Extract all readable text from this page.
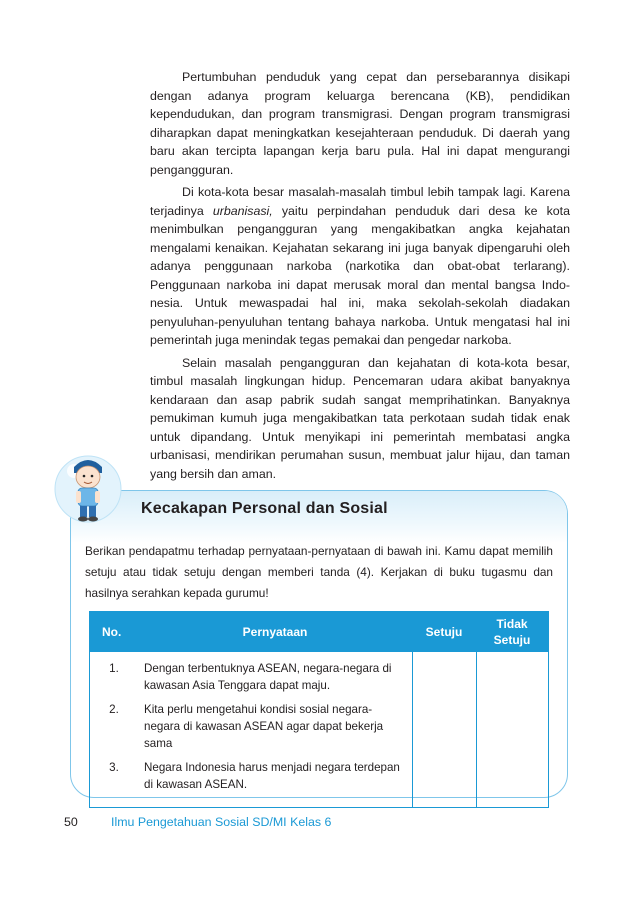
Pertumbuhan penduduk yang cepat dan persebarannya disikapi dengan adanya program keluarga berencana (KB), pendidikan kependudukan, dan program transmigrasi. Dengan program transmigrasi diharapkan dapat meningkatkan kesejahteraan penduduk. Di daerah yang baru akan tercipta lapangan kerja baru pula. Hal ini dapat mengurangi pengangguran.

Di kota-kota besar masalah-masalah timbul lebih tampak lagi. Karena terjadinya urbanisasi, yaitu perpindahan penduduk dari desa ke kota menimbulkan pengangguran yang mengakibatkan angka kejahatan mengalami kenaikan. Kejahatan sekarang ini juga banyak dipengaruhi oleh adanya penggunaan narkoba (narkotika dan obat-obat terlarang). Penggunaan narkoba ini dapat merusak moral dan mental bangsa Indo-nesia. Untuk mewaspadai hal ini, maka sekolah-sekolah diadakan penyuluhan-penyuluhan tentang bahaya narkoba. Untuk mengatasi hal ini pemerintah juga menindak tegas pemakai dan pengedar narkoba.

Selain masalah pengangguran dan kejahatan di kota-kota besar, timbul masalah lingkungan hidup. Pencemaran udara akibat banyaknya kendaraan dan asap pabrik sudah sangat memprihatinkan. Banyaknya pemukiman kumuh juga mengakibatkan tata perkotaan sudah tidak enak untuk dipandang. Untuk menyikapi ini pemerintah membatasi angka urbanisasi, mendirikan perumahan susun, membuat jalur hijau, dan taman yang bersih dan aman.

Kecakapan Personal dan Sosial
Berikan pendapatmu terhadap pernyataan-pernyataan di bawah ini. Kamu dapat memilih setuju atau tidak setuju dengan memberi tanda (4). Kerjakan di buku tugasmu dan hasilnya serahkan kepada gurumu!
No.	Pernyataan	Setuju	Tidak
Setuju
1.	Dengan terbentuknya ASEAN, negara-negara di kawasan Asia Tenggara dapat maju.		
2.	Kita perlu mengetahui kondisi sosial negara-negara di kawasan ASEAN agar dapat bekerja sama		
3.	Negara Indonesia harus menjadi negara terdepan di kawasan ASEAN.		
50	Ilmu Pengetahuan Sosial SD/MI Kelas 6
